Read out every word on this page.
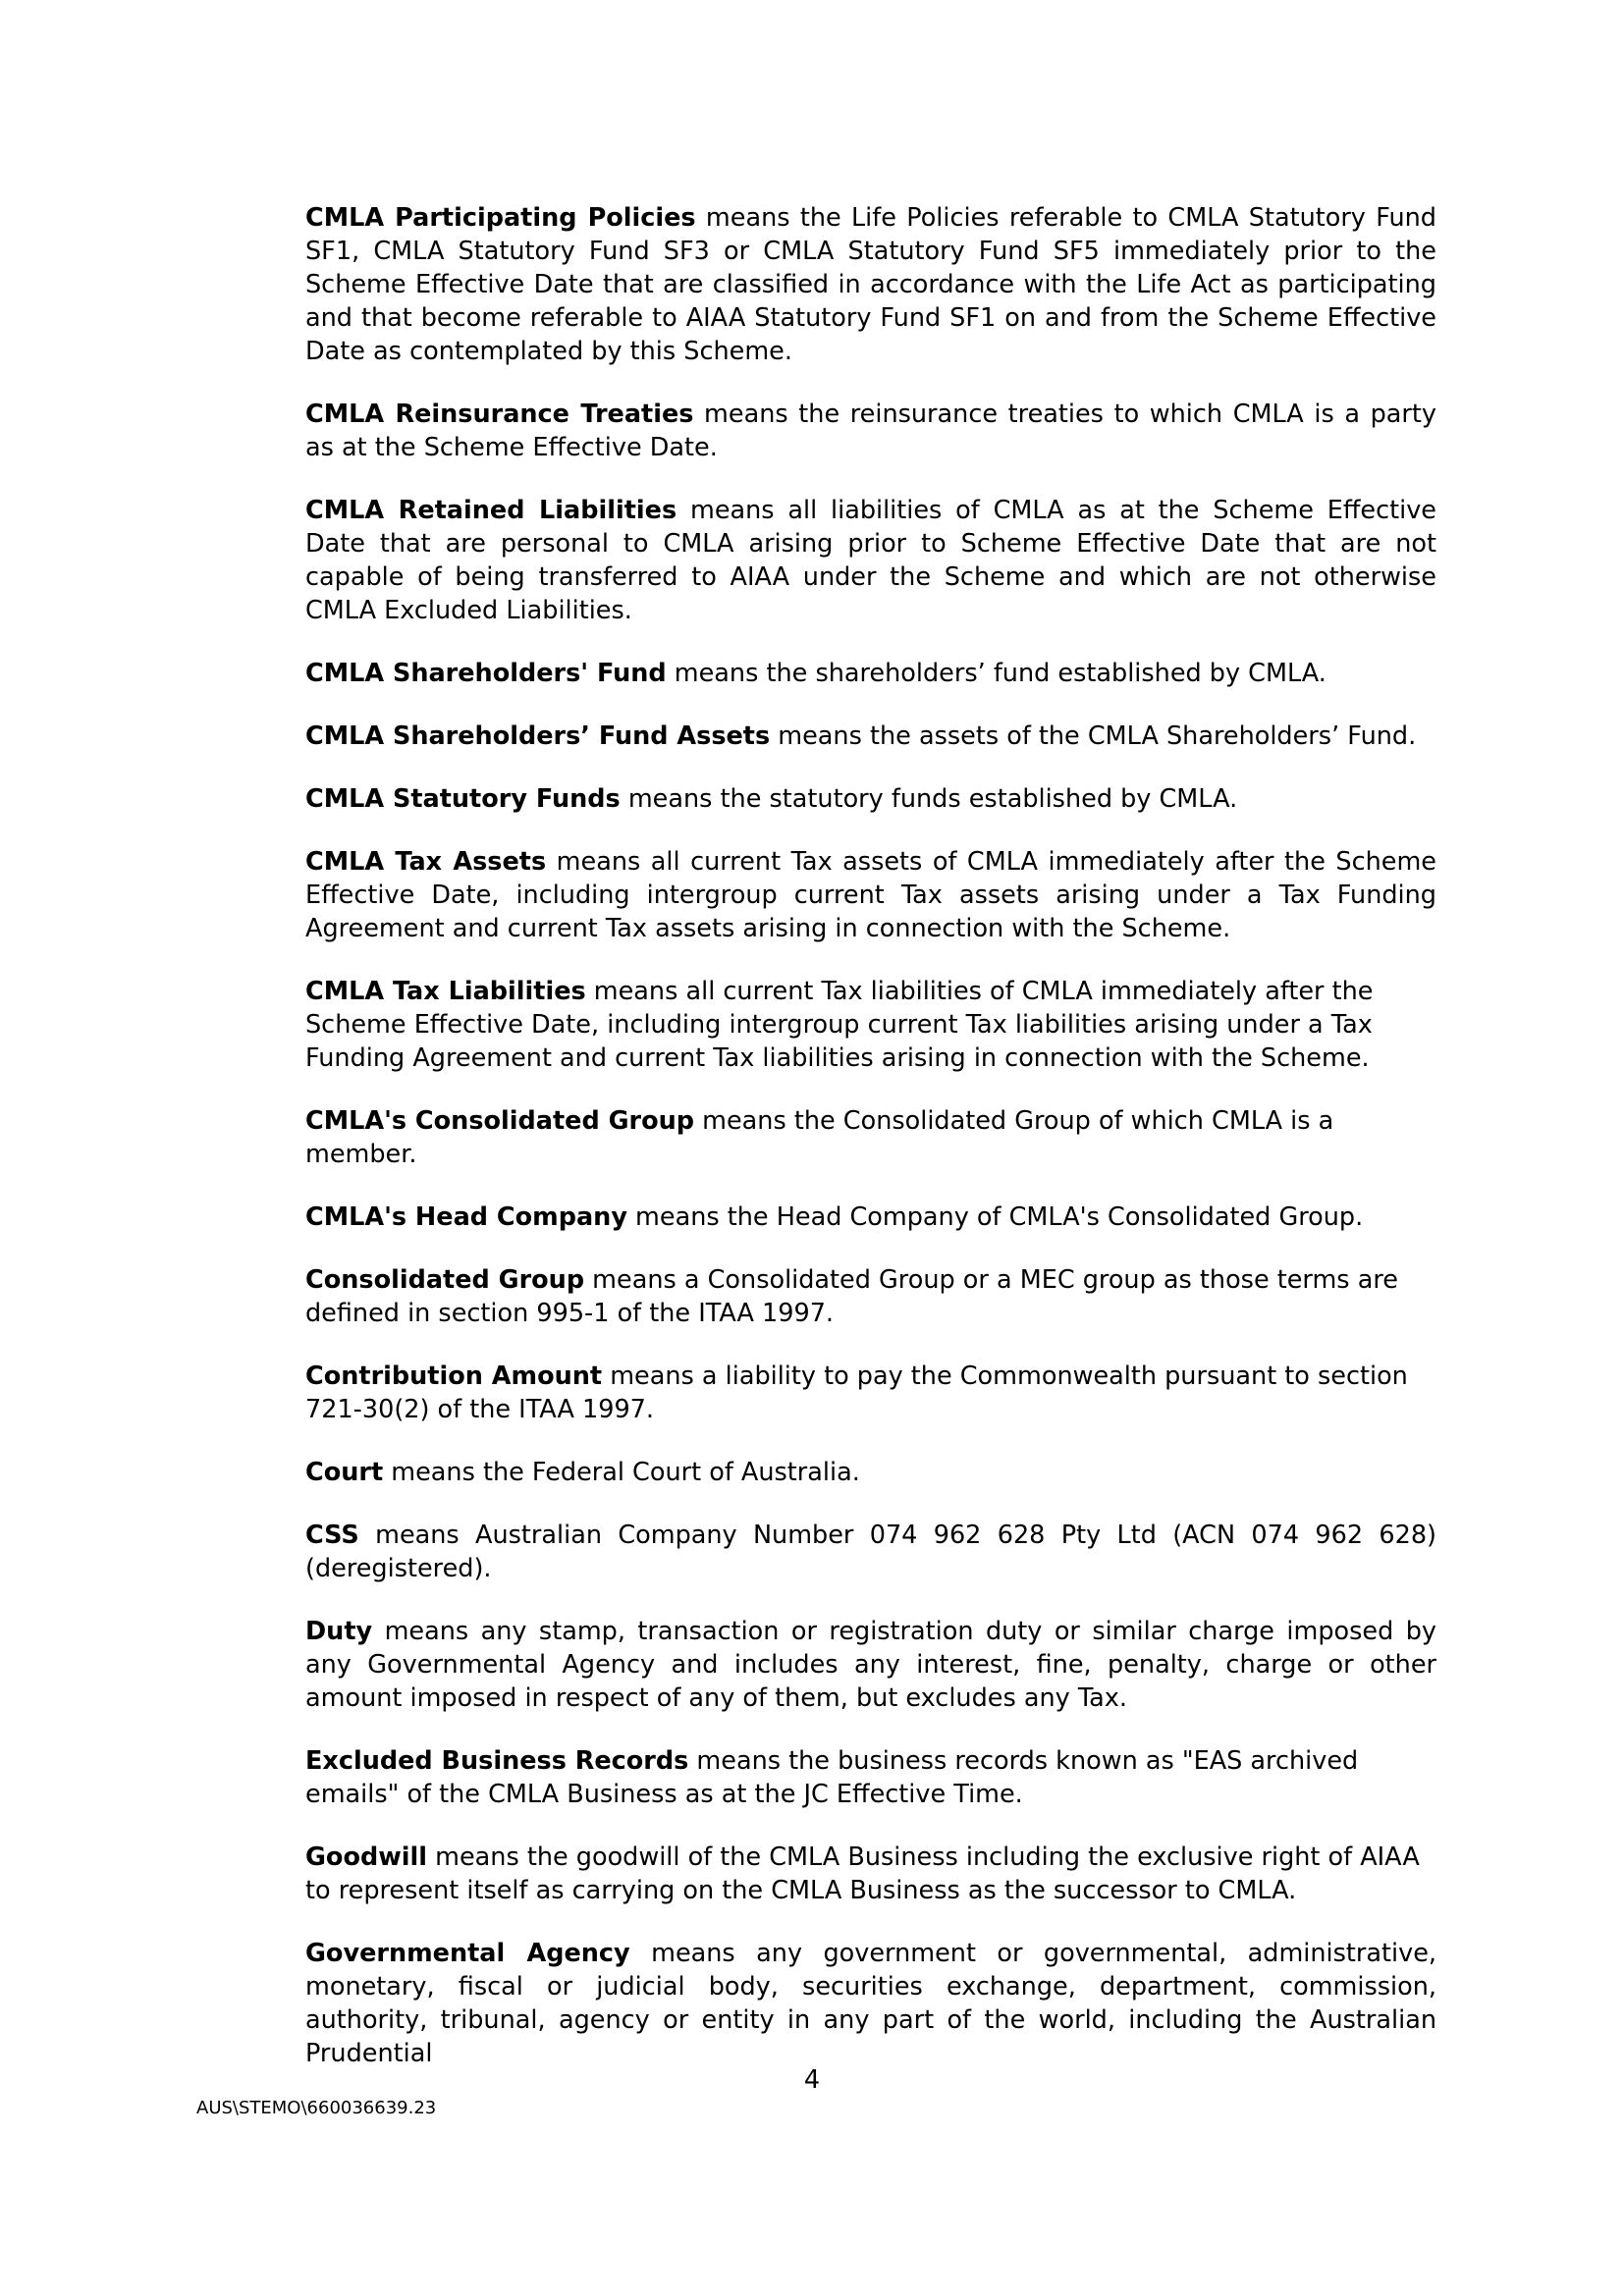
CMLA Participating Policies means the Life Policies referable to CMLA Statutory Fund SF1, CMLA Statutory Fund SF3 or CMLA Statutory Fund SF5 immediately prior to the Scheme Effective Date that are classified in accordance with the Life Act as participating and that become referable to AIAA Statutory Fund SF1 on and from the Scheme Effective Date as contemplated by this Scheme.

CMLA Reinsurance Treaties means the reinsurance treaties to which CMLA is a party as at the Scheme Effective Date.

CMLA Retained Liabilities means all liabilities of CMLA as at the Scheme Effective Date that are personal to CMLA arising prior to Scheme Effective Date that are not capable of being transferred to AIAA under the Scheme and which are not otherwise CMLA Excluded Liabilities.

CMLA Shareholders' Fund means the shareholders’ fund established by CMLA.

CMLA Shareholders’ Fund Assets means the assets of the CMLA Shareholders’ Fund.

CMLA Statutory Funds means the statutory funds established by CMLA.

CMLA Tax Assets means all current Tax assets of CMLA immediately after the Scheme Effective Date, including intergroup current Tax assets arising under a Tax Funding Agreement and current Tax assets arising in connection with the Scheme.

CMLA Tax Liabilities means all current Tax liabilities of CMLA immediately after the Scheme Effective Date, including intergroup current Tax liabilities arising under a Tax Funding Agreement and current Tax liabilities arising in connection with the Scheme.

CMLA's Consolidated Group means the Consolidated Group of which CMLA is a member.

CMLA's Head Company means the Head Company of CMLA's Consolidated Group.

Consolidated Group means a Consolidated Group or a MEC group as those terms are defined in section 995-1 of the ITAA 1997.

Contribution Amount means a liability to pay the Commonwealth pursuant to section 721-30(2) of the ITAA 1997.

Court means the Federal Court of Australia.

CSS means Australian Company Number 074 962 628 Pty Ltd (ACN 074 962 628) (deregistered).

Duty means any stamp, transaction or registration duty or similar charge imposed by any Governmental Agency and includes any interest, fine, penalty, charge or other amount imposed in respect of any of them, but excludes any Tax.

Excluded Business Records means the business records known as "EAS archived emails" of the CMLA Business as at the JC Effective Time.

Goodwill means the goodwill of the CMLA Business including the exclusive right of AIAA to represent itself as carrying on the CMLA Business as the successor to CMLA.

Governmental Agency means any government or governmental, administrative, monetary, fiscal or judicial body, securities exchange, department, commission, authority, tribunal, agency or entity in any part of the world, including the Australian Prudential

4
AUS\STEMO\660036639.23
